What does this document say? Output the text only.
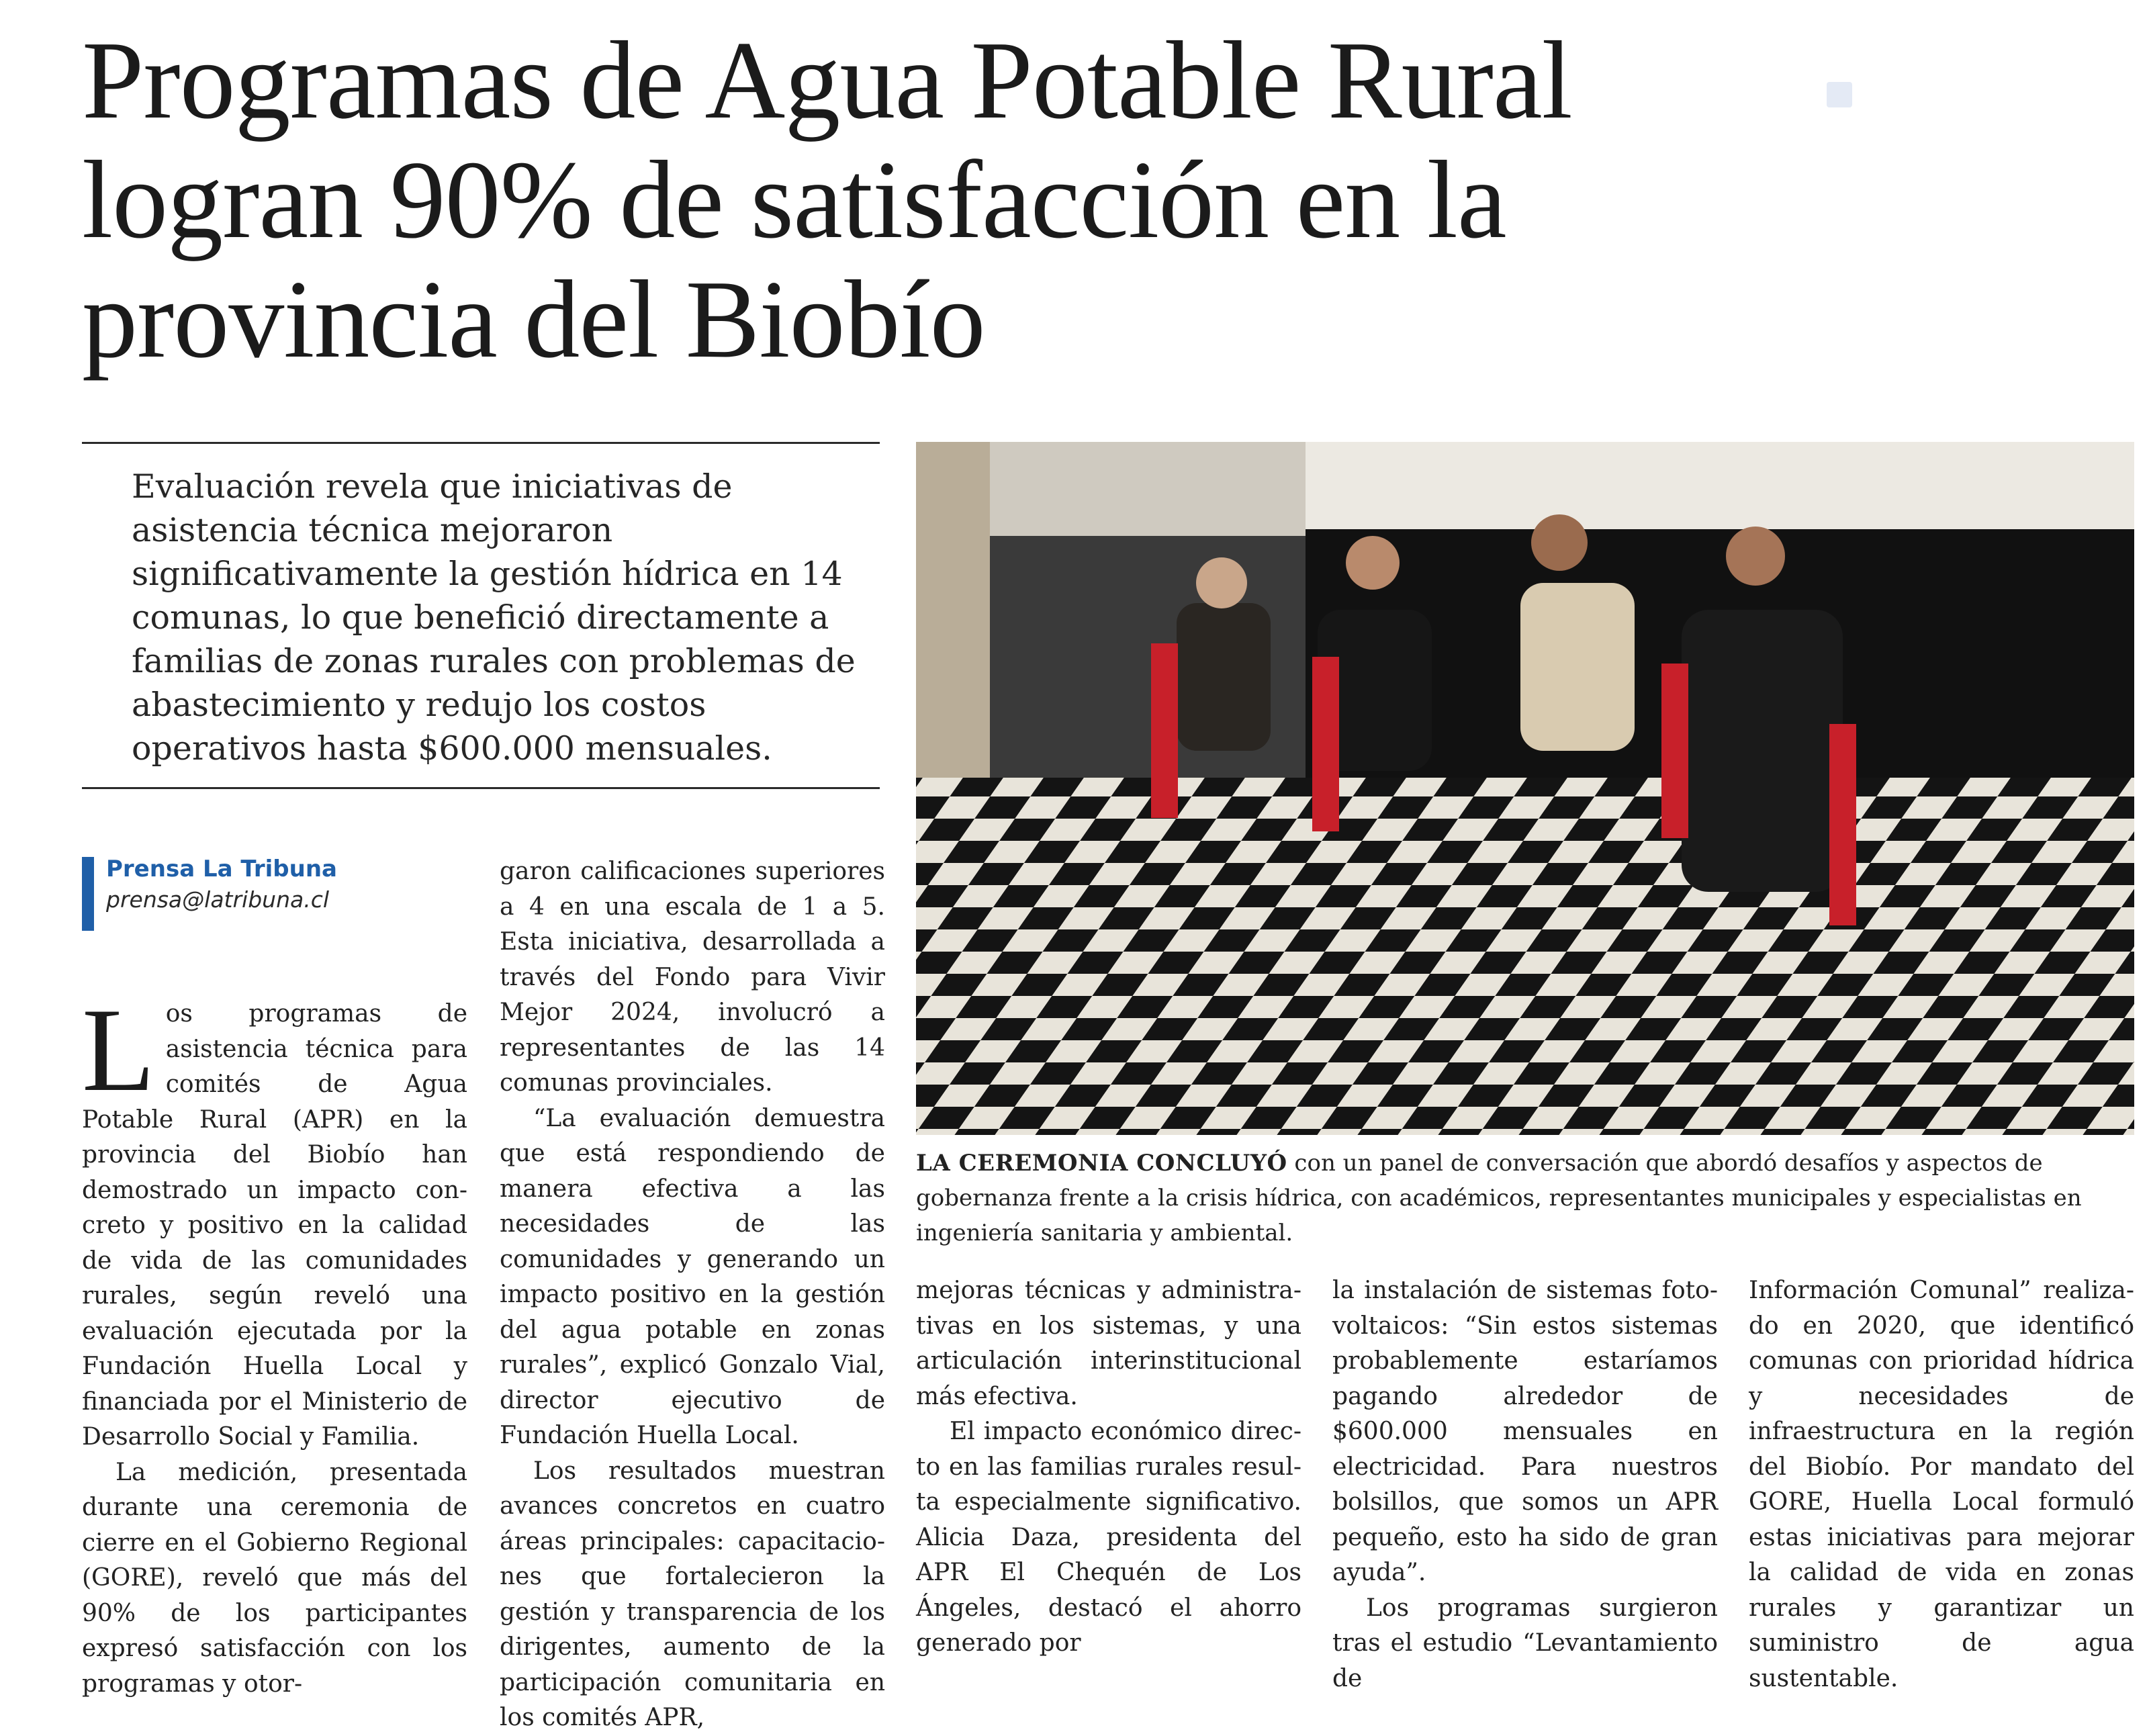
Programas de Agua Potable Rural logran 90% de satisfacción en la provincia del Biobío

Evaluación revela que iniciativas de asistencia técnica mejoraron significativamente la gestión hídrica en 14 comunas, lo que benefició directamente a familias de zonas rurales con problemas de abastecimiento y redujo los costos operativos hasta $600.000 mensuales.

LA CEREMONIA CONCLUYÓ con un panel de conversación que abordó desafíos y aspectos de gobernanza frente a la crisis hídrica, con académicos, representantes municipales y especialistas en ingeniería sanitaria y ambiental.

Prensa La Tribuna
prensa@latribuna.cl
L os programas de asistencia técnica para comités de Agua Potable Rural (APR) en la provincia del Biobío han demostrado un impacto concreto y positivo en la calidad de vida de las comunidades rurales, según reveló una evaluación ejecutada por la Fundación Huella Local y financiada por el Ministerio de Desarrollo Social y Familia.

La medición, presentada durante una ceremonia de cierre en el Gobierno Regional (GORE), reveló que más del 90% de los participantes expresó satisfacción con los programas y otor-

garon calificaciones superiores a 4 en una escala de 1 a 5. Esta iniciativa, desarrollada a través del Fondo para Vivir Mejor 2024, involucró a representantes de las 14 comunas provinciales.

“La evaluación demuestra que está respondiendo de manera efectiva a las necesidades de las comunidades y generando un impacto positivo en la gestión del agua potable en zonas rurales”, explicó Gonzalo Vial, director ejecutivo de Fundación Huella Local.

Los resultados muestran avances concretos en cuatro áreas principales: capacitaciones que fortalecieron la gestión y transparencia de los dirigentes, aumento de la participación comunitaria en los comités APR,

mejoras técnicas y administrativas en los sistemas, y una articulación interinstitucional más efectiva.

El impacto económico directo en las familias rurales resulta especialmente significativo. Alicia Daza, presidenta del APR El Chequén de Los Ángeles, destacó el ahorro generado por

la instalación de sistemas fotovoltaicos: “Sin estos sistemas probablemente estaríamos pagando alrededor de $600.000 mensuales en electricidad. Para nuestros bolsillos, que somos un APR pequeño, esto ha sido de gran ayuda”.

Los programas surgieron tras el estudio “Levantamiento de

Información Comunal” realizado en 2020, que identificó comunas con prioridad hídrica y necesidades de infraestructura en la región del Biobío. Por mandato del GORE, Huella Local formuló estas iniciativas para mejorar la calidad de vida en zonas rurales y garantizar un suministro de agua sustentable.
